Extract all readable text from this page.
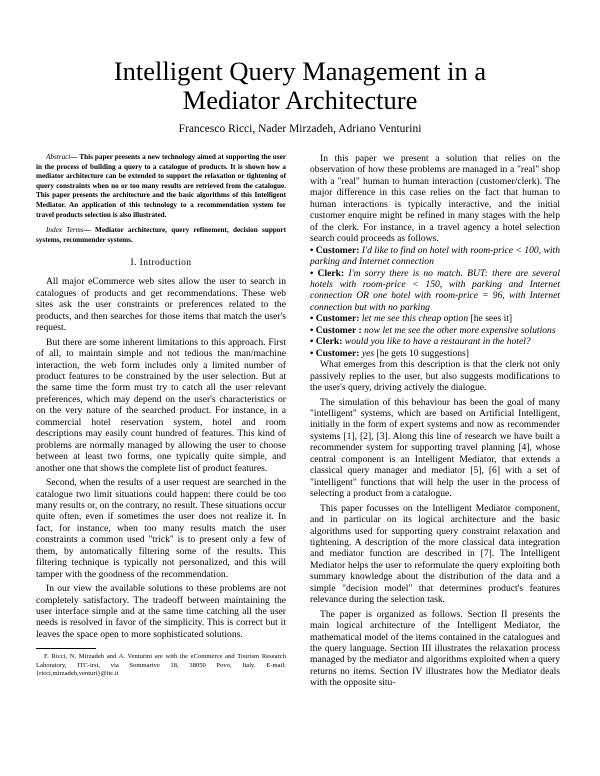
Intelligent Query Management in a
Mediator Architecture
Francesco Ricci, Nader Mirzadeh, Adriano Venturini

Abstract— This paper presents a new technology aimed at supporting the user in the process of building a query to a catalogue of products. It is shown how a mediator architecture can be extended to support the relaxation or tightening of query constraints when no or too many results are retrieved from the catalogue. This paper presents the architecture and the basic algorithms of this Intelligent Mediator. An application of this technology to a recommendation system for travel products selection is also illustrated.

Index Terms— Mediator architecture, query refinement, decision support systems, recommender systems.

I. Introduction

All major eCommerce web sites allow the user to search in catalogues of products and get recommendations. These web sites ask the user constraints or preferences related to the products, and then searches for those items that match the user's request.

But there are some inherent limitations to this approach. First of all, to maintain simple and not tedious the man/machine interaction, the web form includes only a limited number of product features to be constrained by the user selection. But at the same time the form must try to catch all the user relevant preferences, which may depend on the user's characteristics or on the very nature of the searched product. For instance, in a commercial hotel reservation system, hotel and room descriptions may easily count hundred of features. This kind of problems are normally managed by allowing the user to choose between at least two forms, one typically quite simple, and another one that shows the complete list of product features.

Second, when the results of a user request are searched in the catalogue two limit situations could happen: there could be too many results or, on the contrary, no result. These situations occur quite often, even if sometimes the user does not realize it. In fact, for instance, when too many results match the user constraints a common used "trick" is to present only a few of them, by automatically filtering some of the results. This filtering technique is typically not personalized, and this will tamper with the goodness of the recommendation.

In our view the available solutions to these problems are not completely satisfactory. The tradeoff between maintaining the user interface simple and at the same time catching all the user needs is resolved in favor of the simplicity. This is correct but it leaves the space open to more sophisticated solutions.

F. Ricci, N. Mirzadeh and A. Venturini are with the eCommerce and Tourism Research Laboratory, ITC-irst, via Sommarive 18, 38050 Povo, Italy. E-mail: {ricci,mirzadeh,venturi}@itc.it

In this paper we present a solution that relies on the observation of how these problems are managed in a "real" shop with a "real" human to human interaction (customer/clerk). The major difference in this case relies on the fact that human to human interactions is typically interactive, and the initial customer enquire might be refined in many stages with the help of the clerk. For instance, in a travel agency a hotel selection search could proceeds as follows.

• Customer: I'd like to find on hotel with room-price < 100, with parking and Internet connection
• Clerk: I'm sorry there is no match. BUT: there are several hotels with room-price < 150, with parking and Internet connection OR one hotel with room-price = 96, with Internet connection but with no parking
• Customer: let me see this cheap option [he sees it]
• Customer : now let me see the other more expensive solutions
• Clerk: would you like to have a restaurant in the hotel?
• Customer: yes [he gets 10 suggestions]

What emerges from this description is that the clerk not only passively replies to the user, but also suggests modifications to the user's query, driving actively the dialogue.

The simulation of this behaviour has been the goal of many "intelligent" systems, which are based on Artificial Intelligent, initially in the form of expert systems and now as recommender systems [1], [2], [3]. Along this line of research we have built a recommender system for supporting travel planning [4], whose central component is an Intelligent Mediator, that extends a classical query manager and mediator [5], [6] with a set of "intelligent" functions that will help the user in the process of selecting a product from a catalogue.

This paper focusses on the Intelligent Mediator component, and in particular on its logical architecture and the basic algorithms used for supporting query constraint relaxation and tightening. A description of the more classical data integration and mediator function are described in [7]. The Intelligent Mediator helps the user to reformulate the query exploiting both summary knowledge about the distribution of the data and a simple "decision model" that determines product's features relevance during the selection task.

The paper is organized as follows. Section II presents the main logical architecture of the Intelligent Mediator, the mathematical model of the items contained in the catalogues and the query language. Section III illustrates the relaxation process managed by the mediator and algorithms exploited when a query returns no items. Section IV illustrates how the Mediator deals with the opposite situ-
